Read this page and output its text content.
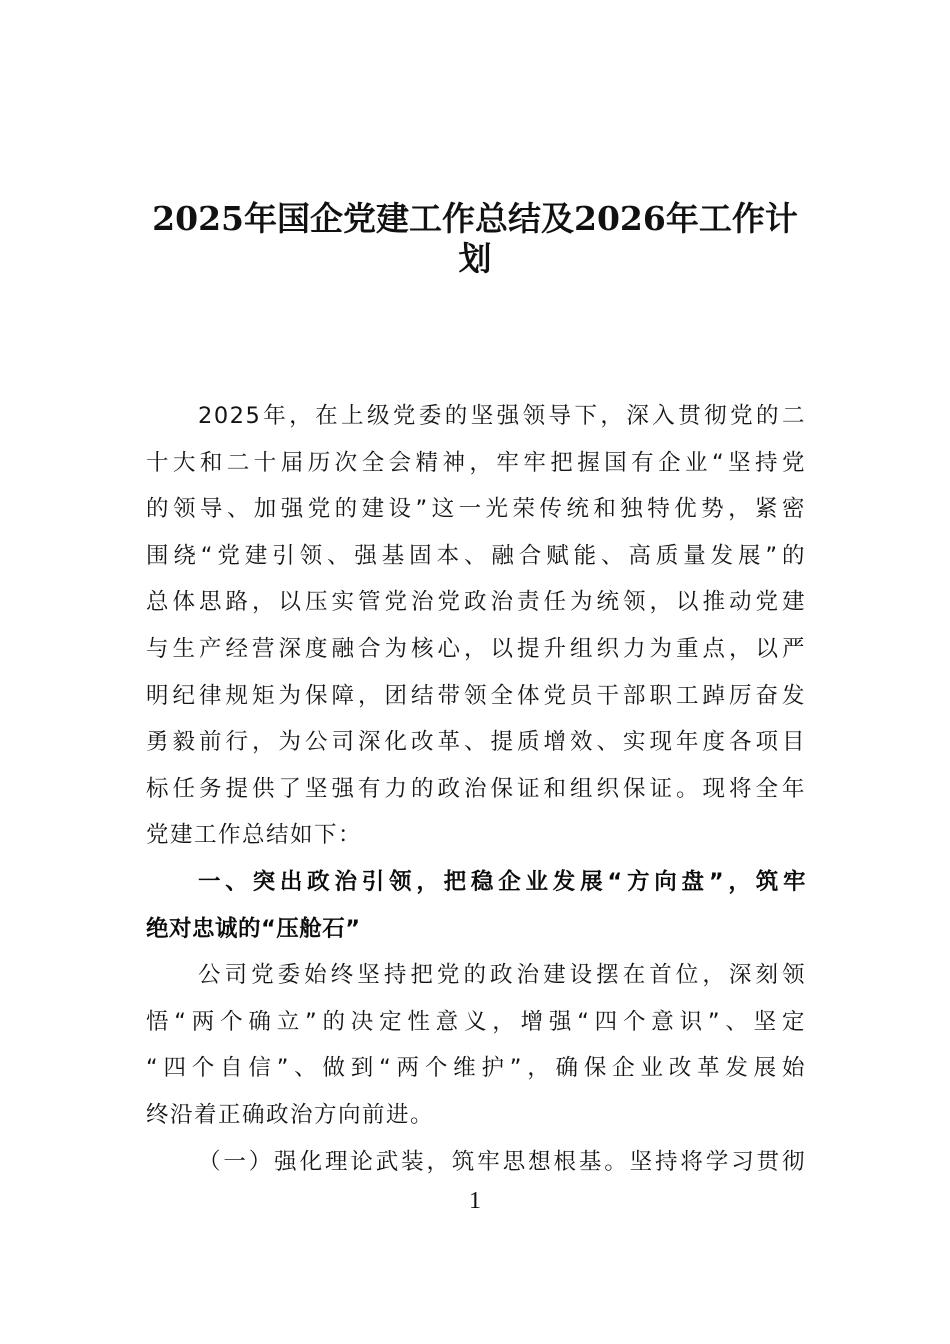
2025年国企党建工作总结及2026年工作计
划
2025年，在上级党委的坚强领导下，深入贯彻党的二
十大和二十届历次全会精神，牢牢把握国有企业“坚持党
的领导、加强党的建设”这一光荣传统和独特优势，紧密
围绕“党建引领、强基固本、融合赋能、高质量发展”的
总体思路，以压实管党治党政治责任为统领，以推动党建
与生产经营深度融合为核心，以提升组织力为重点，以严
明纪律规矩为保障，团结带领全体党员干部职工踔厉奋发
勇毅前行，为公司深化改革、提质增效、实现年度各项目
标任务提供了坚强有力的政治保证和组织保证。现将全年
党建工作总结如下：
一、突出政治引领，把稳企业发展“方向盘”，筑牢
绝对忠诚的“压舱石”
公司党委始终坚持把党的政治建设摆在首位，深刻领
悟“两个确立”的决定性意义，增强“四个意识”、坚定
“四个自信”、做到“两个维护”，确保企业改革发展始
终沿着正确政治方向前进。
（一）强化理论武装，筑牢思想根基。坚持将学习贯彻
1
